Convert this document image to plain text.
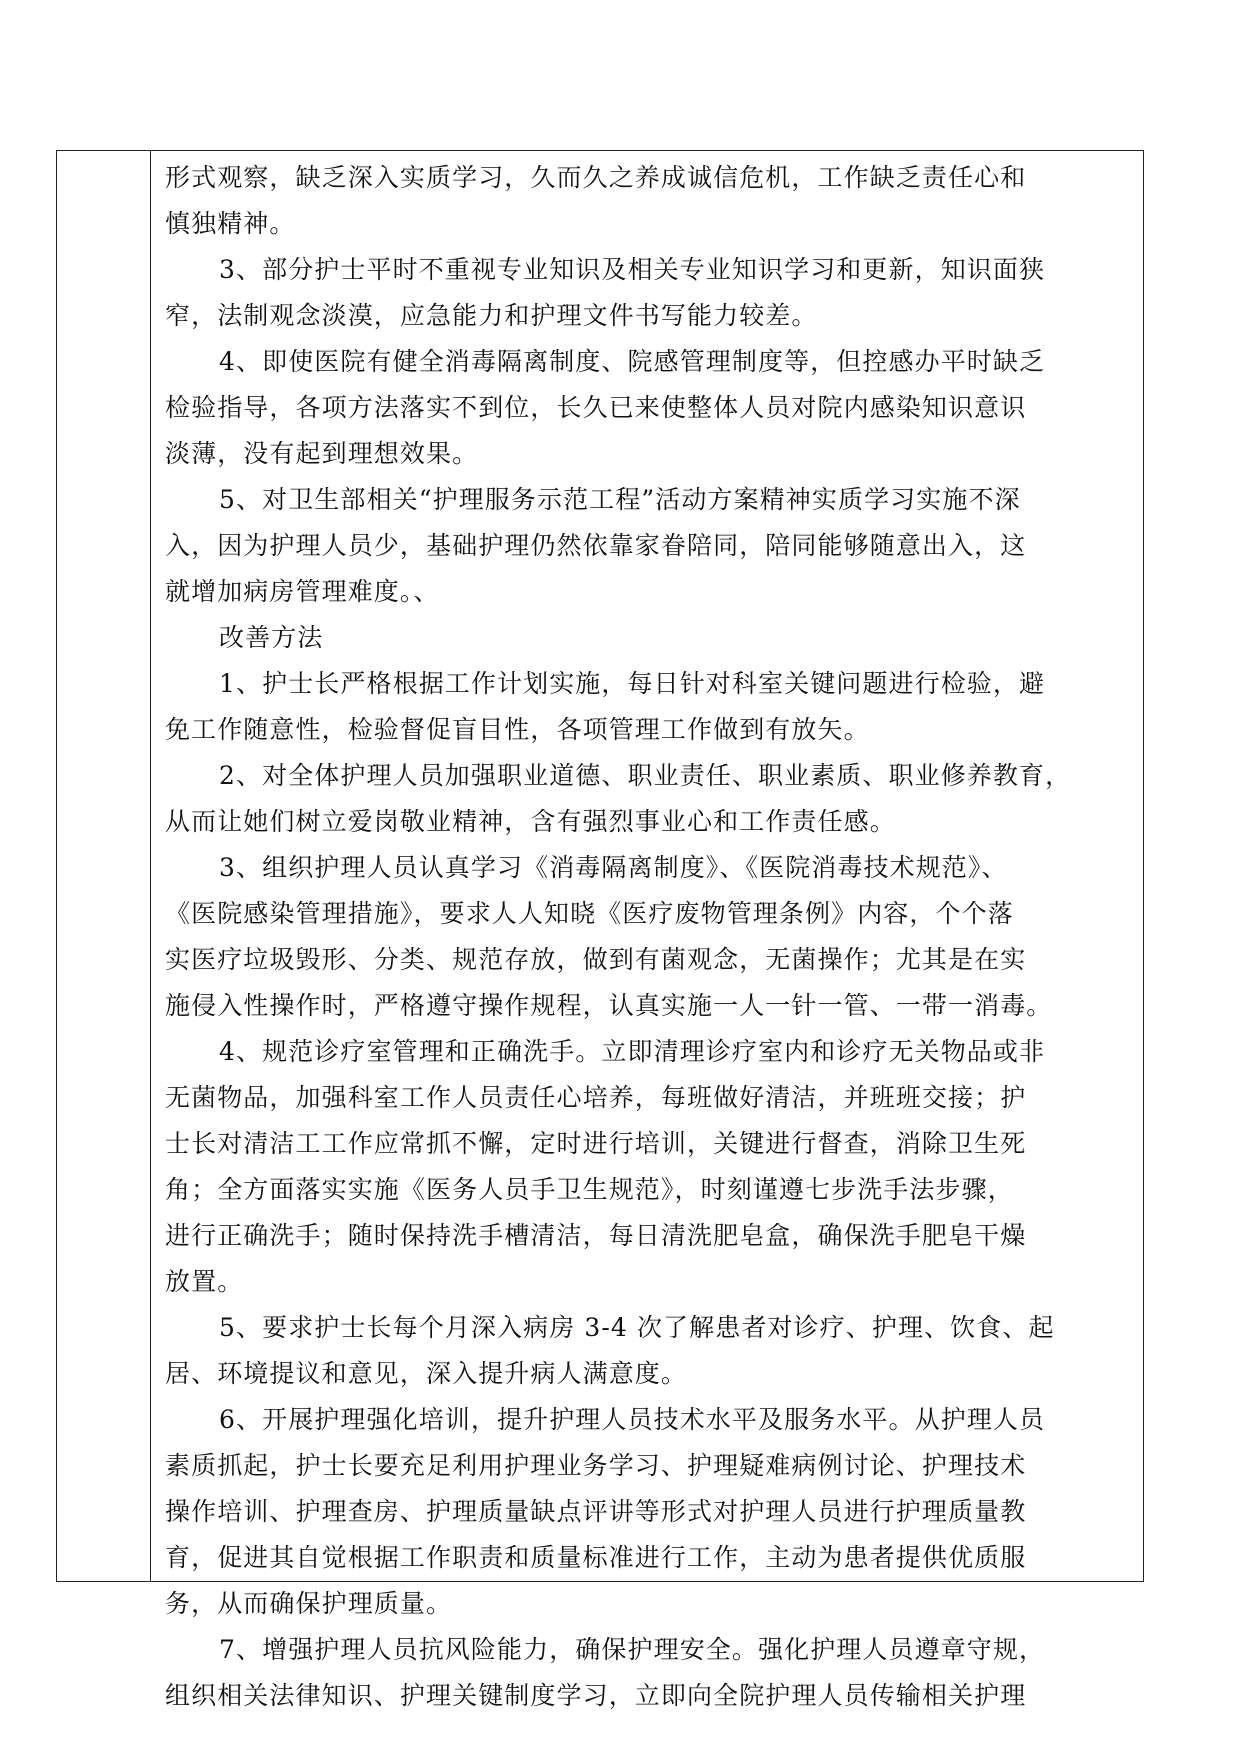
形式观察，缺乏深入实质学习，久而久之养成诚信危机，工作缺乏责任心和
慎独精神。
3、部分护士平时不重视专业知识及相关专业知识学习和更新，知识面狭
窄，法制观念淡漠，应急能力和护理文件书写能力较差。
4、即使医院有健全消毒隔离制度、院感管理制度等，但控感办平时缺乏
检验指导，各项方法落实不到位，长久已来使整体人员对院内感染知识意识
淡薄，没有起到理想效果。
5、对卫生部相关“护理服务示范工程”活动方案精神实质学习实施不深
入，因为护理人员少，基础护理仍然依靠家眷陪同，陪同能够随意出入，这
就增加病房管理难度。、
改善方法
1、护士长严格根据工作计划实施，每日针对科室关键问题进行检验，避
免工作随意性，检验督促盲目性，各项管理工作做到有放矢。
2、对全体护理人员加强职业道德、职业责任、职业素质、职业修养教育，
从而让她们树立爱岗敬业精神，含有强烈事业心和工作责任感。
3、组织护理人员认真学习《消毒隔离制度》、《医院消毒技术规范》、
《医院感染管理措施》，要求人人知晓《医疗废物管理条例》内容，个个落
实医疗垃圾毁形、分类、规范存放，做到有菌观念，无菌操作；尤其是在实
施侵入性操作时，严格遵守操作规程，认真实施一人一针一管、一带一消毒。
4、规范诊疗室管理和正确洗手。立即清理诊疗室内和诊疗无关物品或非
无菌物品，加强科室工作人员责任心培养，每班做好清洁，并班班交接；护
士长对清洁工工作应常抓不懈，定时进行培训，关键进行督查，消除卫生死
角；全方面落实实施《医务人员手卫生规范》，时刻谨遵七步洗手法步骤，
进行正确洗手；随时保持洗手槽清洁，每日清洗肥皂盒，确保洗手肥皂干燥
放置。
5、要求护士长每个月深入病房 3-4 次了解患者对诊疗、护理、饮食、起
居、环境提议和意见，深入提升病人满意度。
6、开展护理强化培训，提升护理人员技术水平及服务水平。从护理人员
素质抓起，护士长要充足利用护理业务学习、护理疑难病例讨论、护理技术
操作培训、护理查房、护理质量缺点评讲等形式对护理人员进行护理质量教
育，促进其自觉根据工作职责和质量标准进行工作，主动为患者提供优质服
务，从而确保护理质量。
7、增强护理人员抗风险能力，确保护理安全。强化护理人员遵章守规，
组织相关法律知识、护理关键制度学习，立即向全院护理人员传输相关护理
